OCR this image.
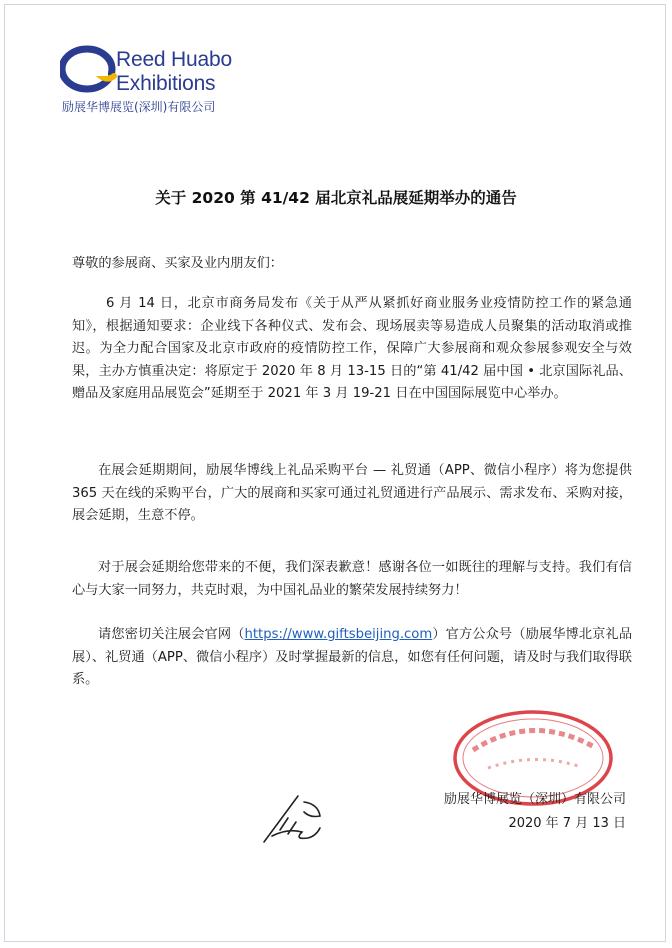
Reed Huabo
Exhibitions
励展华博展览(深圳)有限公司
关于 2020 第 41/42 届北京礼品展延期举办的通告

尊敬的参展商、买家及业内朋友们：

6 月 14 日，北京市商务局发布《关于从严从紧抓好商业服务业疫情防控工作的紧急通知》，根据通知要求：企业线下各种仪式、发布会、现场展卖等易造成人员聚集的活动取消或推迟。为全力配合国家及北京市政府的疫情防控工作，保障广大参展商和观众参展参观安全与效果，主办方慎重决定：将原定于 2020 年 8 月 13-15 日的“第 41/42 届中国 • 北京国际礼品、赠品及家庭用品展览会”延期至于 2021 年 3 月 19-21 日在中国国际展览中心举办。

在展会延期期间，励展华博线上礼品采购平台 — 礼贸通（APP、微信小程序）将为您提供 365 天在线的采购平台，广大的展商和买家可通过礼贸通进行产品展示、需求发布、采购对接，展会延期，生意不停。

对于展会延期给您带来的不便，我们深表歉意！感谢各位一如既往的理解与支持。我们有信心与大家一同努力，共克时艰，为中国礼品业的繁荣发展持续努力！

请您密切关注展会官网（https://www.giftsbeijing.com）官方公众号（励展华博北京礼品展）、礼贸通（APP、微信小程序）及时掌握最新的信息，如您有任何问题，请及时与我们取得联系。

励展华博展览（深圳）有限公司
2020 年 7 月 13 日
